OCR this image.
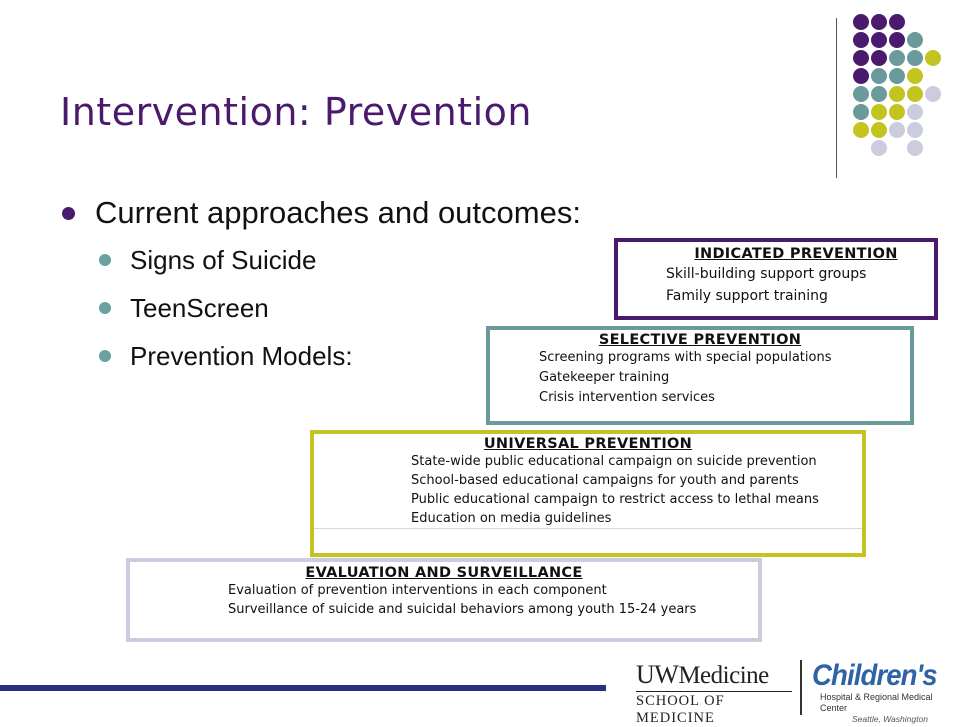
Intervention: Prevention
Current approaches and outcomes:
Signs of Suicide
TeenScreen
Prevention Models:
INDICATED PREVENTION
Skill-building support groups
Family support training
SELECTIVE PREVENTION
Screening programs with special populations
Gatekeeper training
Crisis intervention services
UNIVERSAL PREVENTION
State-wide public educational campaign on suicide prevention
School-based educational campaigns for youth and parents
Public educational campaign to restrict access to lethal means
Education on media guidelines
EVALUATION AND SURVEILLANCE
Evaluation of prevention interventions in each component
Surveillance of suicide and suicidal behaviors among youth 15-24 years
UWMedicine
SCHOOL OF MEDICINE
Children's
Hospital & Regional Medical Center
Seattle, Washington
